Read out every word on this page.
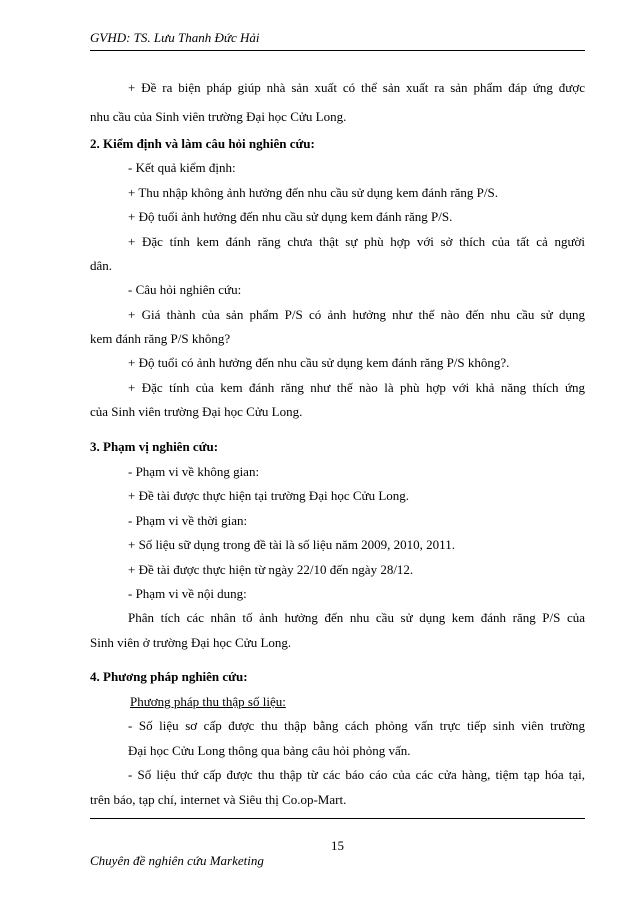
GVHD: TS. Lưu Thanh Đức Hải
+ Đề ra biện pháp giúp nhà sản xuất có thể sản xuất ra sản phẩm đáp ứng được
nhu cầu của Sinh viên trường Đại học Cửu Long.
2. Kiểm định và làm câu hỏi nghiên cứu:
- Kết quả kiểm định:
+ Thu nhập không ảnh hưởng đến nhu cầu sử dụng kem đánh răng P/S.
+ Độ tuổi ảnh hưởng đến nhu cầu sử dụng kem đánh răng P/S.
+ Đặc tính kem đánh răng chưa thật sự phù hợp với sở thích của tất cả người
dân.
- Câu hỏi nghiên cứu:
+ Giá thành của sản phẩm P/S có ảnh hưởng như thế nào đến nhu cầu sử dụng
kem đánh răng P/S không?
+ Độ tuổi có ảnh hưởng đến nhu cầu sử dụng kem đánh răng P/S không?.
+ Đặc tính của kem đánh răng như thế nào là phù hợp với khả năng thích ứng
của Sinh viên trường Đại học Cửu Long.
3. Phạm vị nghiên cứu:
- Phạm vi về không gian:
+ Đề tài được thực hiện tại trường Đại học Cửu Long.
- Phạm vi về thời gian:
+ Số liệu sữ dụng trong đề tài là số liệu năm 2009, 2010, 2011.
+ Đề tài được thực hiện từ ngày 22/10 đến ngày 28/12.
- Phạm vi về nội dung:
Phân tích các nhân tố ảnh hưởng đến nhu cầu sử dụng kem đánh răng P/S của
Sinh viên ở trường Đại học Cửu Long.
4. Phương pháp nghiên cứu:
Phương pháp thu thập số liệu:
- Số liệu sơ cấp được thu thập bằng cách phỏng vấn trực tiếp sinh viên trường
Đại học Cửu Long thông qua bảng câu hỏi phỏng vấn.
- Số liệu thứ cấp được thu thập từ các báo cáo của các cửa hàng, tiệm tạp hóa tại,
trên báo, tạp chí, internet và Siêu thị Co.op-Mart.
15
Chuyên đề nghiên cứu Marketing
